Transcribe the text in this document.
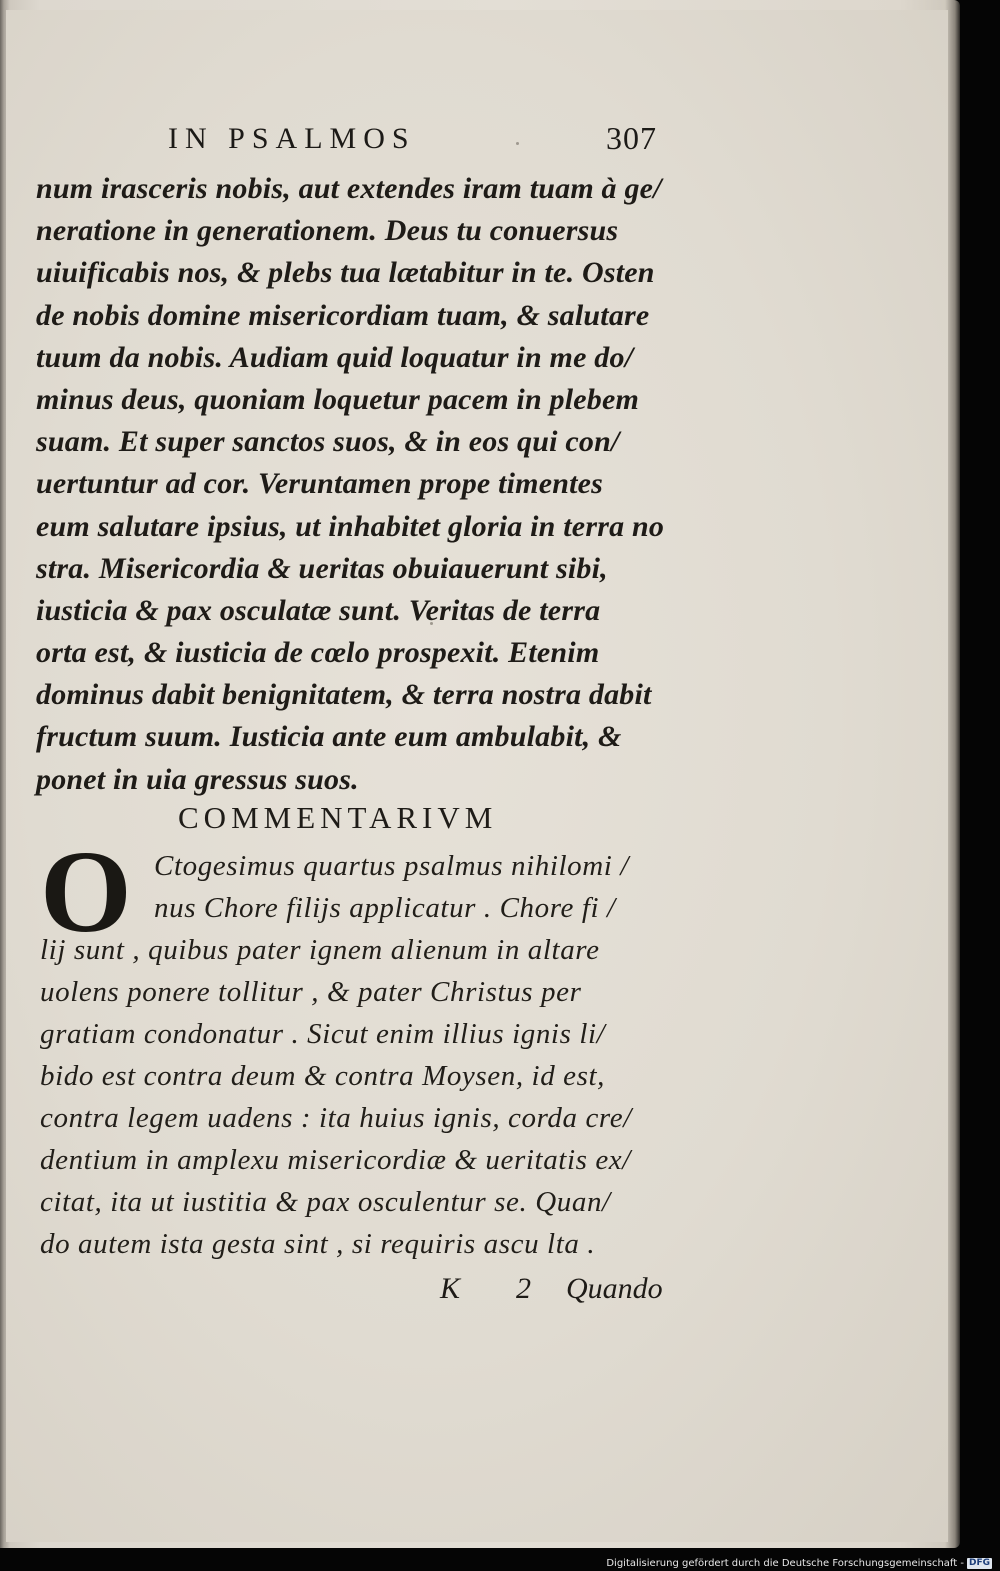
IN PSALMOS	307
num irasceris nobis, aut extendes iram tuam à ge/
neratione in generationem. Deus tu conuersus
uiuificabis nos, & plebs tua lætabitur in te. Osten
de nobis domine misericordiam tuam, & salutare
tuum da nobis. Audiam quid loquatur in me do/
minus deus, quoniam loquetur pacem in plebem
suam. Et super sanctos suos, & in eos qui con/
uertuntur ad cor. Veruntamen prope timentes
eum salutare ipsius, ut inhabitet gloria in terra no
stra. Misericordia & ueritas obuiauerunt sibi,
iusticia & pax osculatæ sunt. Veritas de terra
orta est, & iusticia de cœlo prospexit. Etenim
dominus dabit benignitatem, & terra nostra dabit
fructum suum. Iusticia ante eum ambulabit, &
ponet in uia gressus suos.
COMMENTARIVM
O Ctogesimus quartus psalmus nihilomi /
nus Chore filijs applicatur . Chore fi /
lij sunt , quibus pater ignem alienum in altare
uolens ponere tollitur , & pater Christus per
gratiam condonatur . Sicut enim illius ignis li/
bido est contra deum & contra Moysen, id est,
contra legem uadens : ita huius ignis, corda cre/
dentium in amplexu misericordiæ & ueritatis ex/
citat, ita ut iustitia & pax osculentur se. Quan/
do autem ista gesta sint , si requiris ascu lta .
K 2 Quando
Digitalisierung gefördert durch die Deutsche Forschungsgemeinschaft - DFG
